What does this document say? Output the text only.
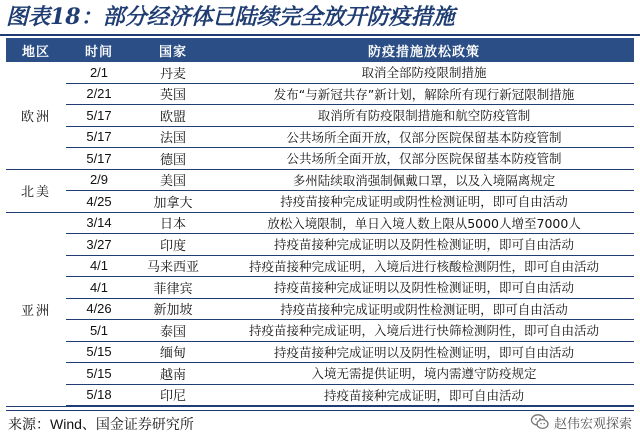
图表18：部分经济体已陆续完全放开防疫措施
地区	时间	国家	防疫措施放松政策
欧洲	2/1	丹麦	取消全部防疫限制措施
	2/21	英国	发布“与新冠共存”新计划，解除所有现行新冠限制措施
	5/17	欧盟	取消所有防疫限制措施和航空防疫管制
	5/17	法国	公共场所全面开放，仅部分医院保留基本防疫管制
	5/17	德国	公共场所全面开放，仅部分医院保留基本防疫管制
北美	2/9	美国	多州陆续取消强制佩戴口罩，以及入境隔离规定
	4/25	加拿大	持疫苗接种完成证明或阴性检测证明，即可自由活动
亚洲	3/14	日本	放松入境限制，单日入境人数上限从5000人增至7000人
	3/27	印度	持疫苗接种完成证明以及阴性检测证明，即可自由活动
	4/1	马来西亚	持疫苗接种完成证明，入境后进行核酸检测阴性，即可自由活动
	4/1	菲律宾	持疫苗接种完成证明以及阴性检测证明，即可自由活动
	4/26	新加坡	持疫苗接种完成证明或阴性检测证明，即可自由活动
	5/1	泰国	持疫苗接种完成证明，入境后进行快筛检测阴性，即可自由活动
	5/15	缅甸	持疫苗接种完成证明以及阴性检测证明，即可自由活动
	5/15	越南	入境无需提供证明，境内需遵守防疫规定
	5/18	印尼	持疫苗接种完成证明，即可自由活动
来源：Wind、国金证券研究所	赵伟宏观探索
